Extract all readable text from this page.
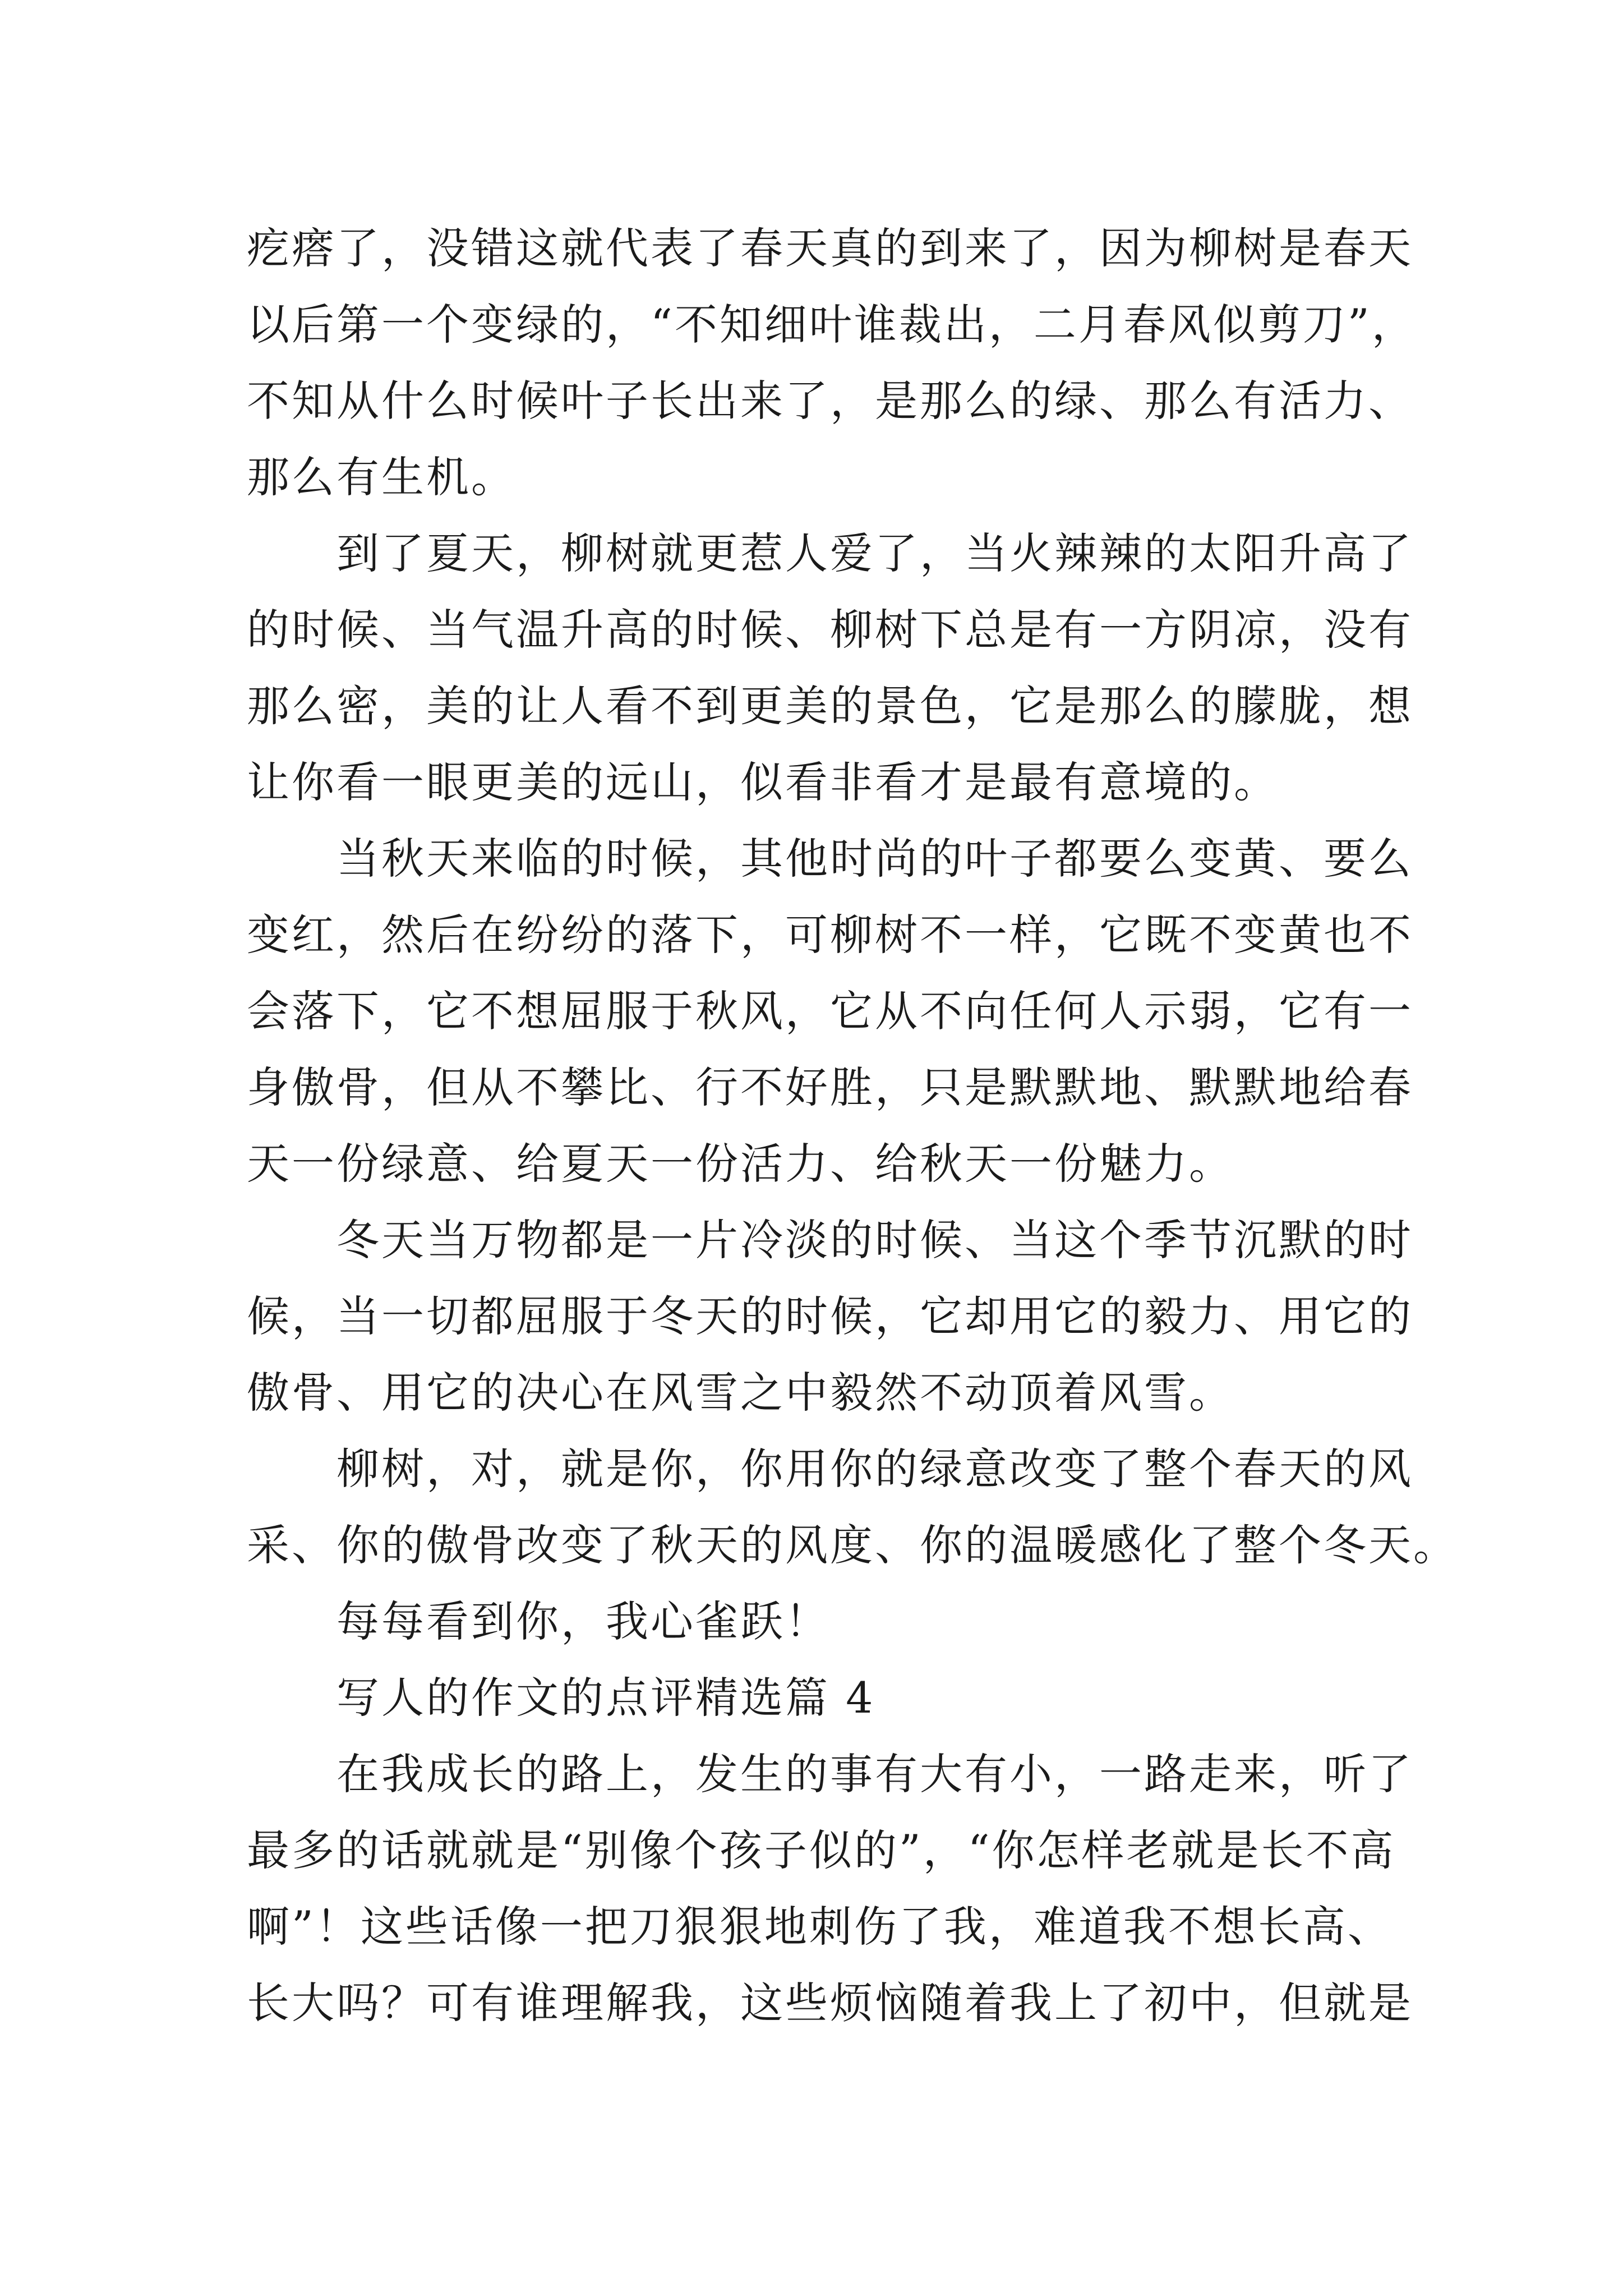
疙瘩了，没错这就代表了春天真的到来了，因为柳树是春天
以后第一个变绿的，“不知细叶谁裁出，二月春风似剪刀”，
不知从什么时候叶子长出来了，是那么的绿、那么有活力、
那么有生机。
到了夏天，柳树就更惹人爱了，当火辣辣的太阳升高了
的时候、当气温升高的时候、柳树下总是有一方阴凉，没有
那么密，美的让人看不到更美的景色，它是那么的朦胧，想
让你看一眼更美的远山，似看非看才是最有意境的。
当秋天来临的时候，其他时尚的叶子都要么变黄、要么
变红，然后在纷纷的落下，可柳树不一样，它既不变黄也不
会落下，它不想屈服于秋风，它从不向任何人示弱，它有一
身傲骨，但从不攀比、行不好胜，只是默默地、默默地给春
天一份绿意、给夏天一份活力、给秋天一份魅力。
冬天当万物都是一片冷淡的时候、当这个季节沉默的时
候，当一切都屈服于冬天的时候，它却用它的毅力、用它的
傲骨、用它的决心在风雪之中毅然不动顶着风雪。
柳树，对，就是你，你用你的绿意改变了整个春天的风
采、你的傲骨改变了秋天的风度、你的温暖感化了整个冬天。
每每看到你，我心雀跃！
写人的作文的点评精选篇 4
在我成长的路上，发生的事有大有小，一路走来，听了
最多的话就就是“别像个孩子似的”，“你怎样老就是长不高
啊”！这些话像一把刀狠狠地刺伤了我，难道我不想长高、
长大吗？可有谁理解我，这些烦恼随着我上了初中，但就是
